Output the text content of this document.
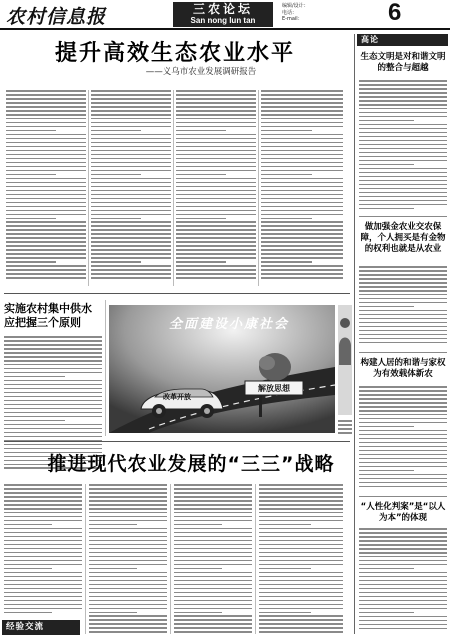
农村信息报	三农论坛
San nong lun tan
编辑/设计：
电话：
E-mail：	6
提升高效生态农业水平
——义乌市农业发展调研报告
实施农村集中供水应把握三个原则	全面建设小康社会
改革开放
解放思想
推进现代农业发展的“三三”战略
经验交流
高论
生态文明是对和谐文明的整合与超越
做加强金农业交农保障，个人拥买是有金物的权利也就是从农业
构建人居的和谐与家权为有效载体新农
“人性化判案”是“以人为本”的体现
